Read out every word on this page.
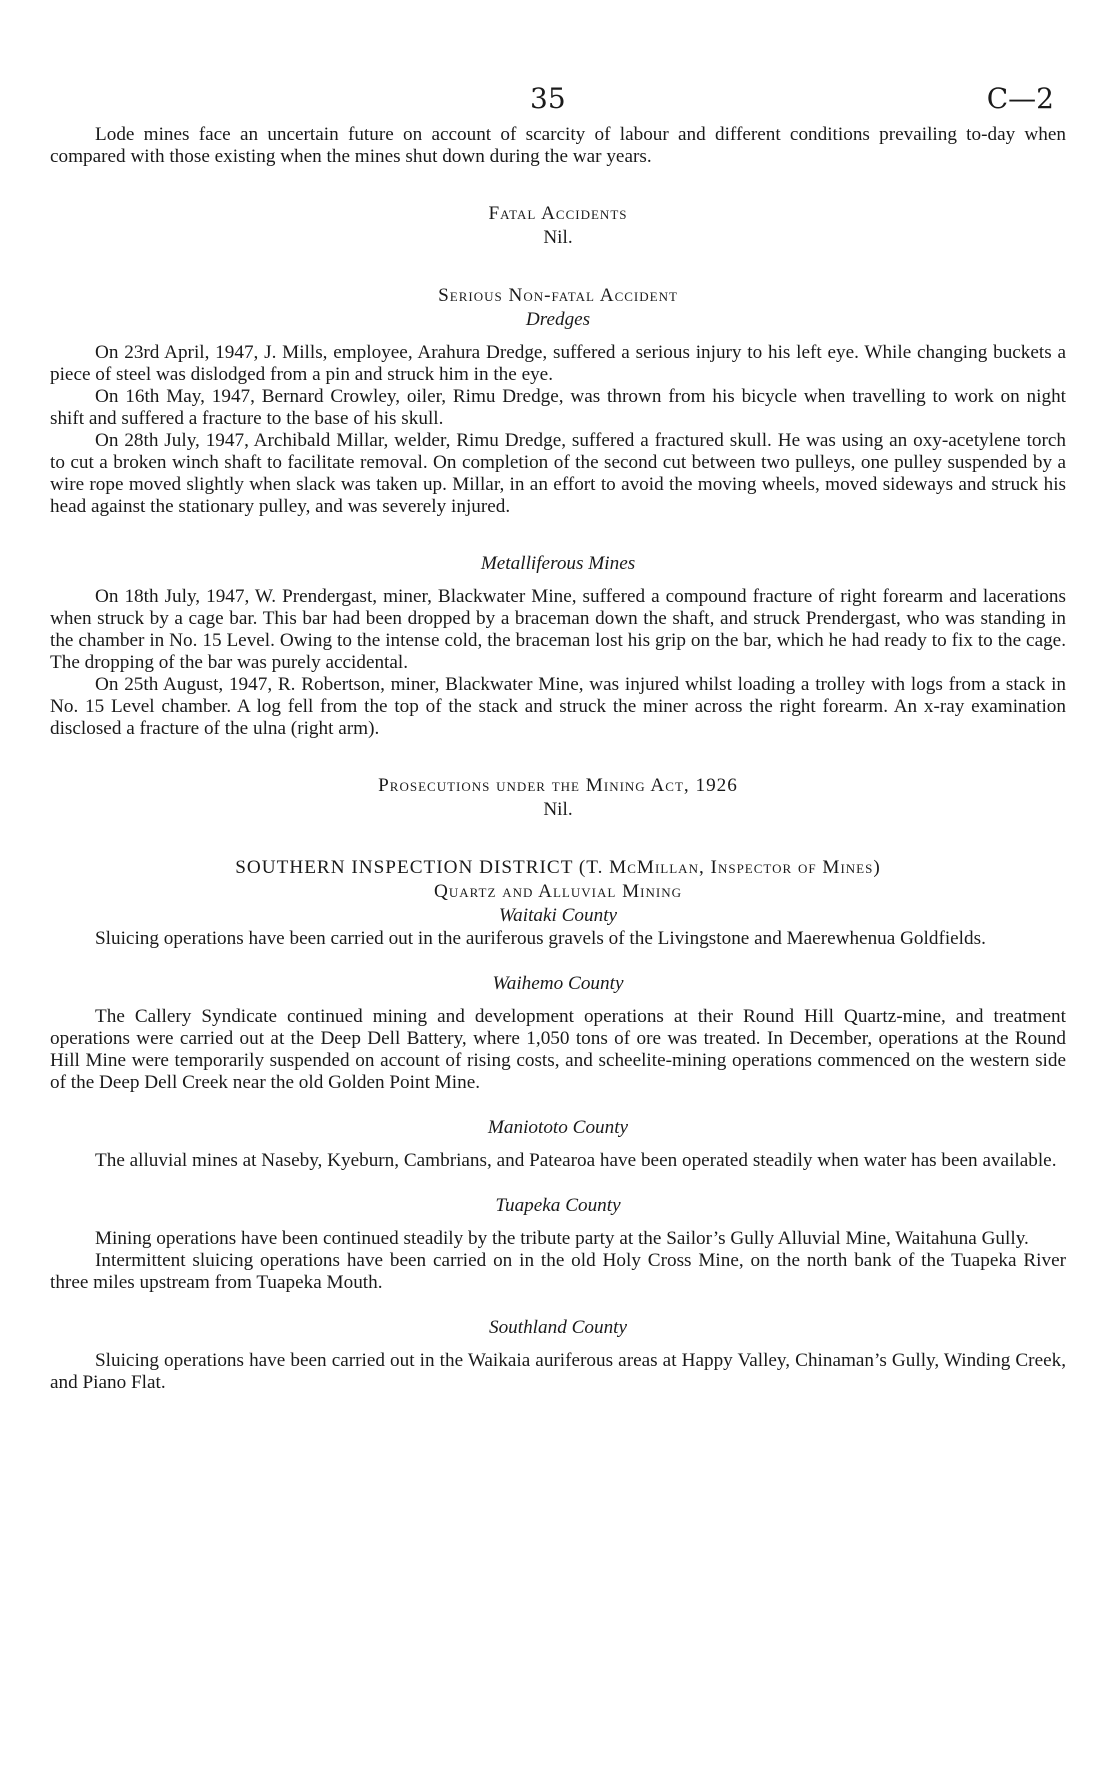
35	C—2

Lode mines face an uncertain future on account of scarcity of labour and different conditions prevailing to-day when compared with those existing when the mines shut down during the war years.

Fatal Accidents
Nil.
Serious Non-fatal Accident
Dredges

On 23rd April, 1947, J. Mills, employee, Arahura Dredge, suffered a serious injury to his left eye. While changing buckets a piece of steel was dislodged from a pin and struck him in the eye.

On 16th May, 1947, Bernard Crowley, oiler, Rimu Dredge, was thrown from his bicycle when travelling to work on night shift and suffered a fracture to the base of his skull.

On 28th July, 1947, Archibald Millar, welder, Rimu Dredge, suffered a fractured skull. He was using an oxy-acetylene torch to cut a broken winch shaft to facilitate removal. On completion of the second cut between two pulleys, one pulley suspended by a wire rope moved slightly when slack was taken up. Millar, in an effort to avoid the moving wheels, moved sideways and struck his head against the stationary pulley, and was severely injured.

Metalliferous Mines

On 18th July, 1947, W. Prendergast, miner, Blackwater Mine, suffered a compound fracture of right forearm and lacerations when struck by a cage bar. This bar had been dropped by a braceman down the shaft, and struck Prendergast, who was standing in the chamber in No. 15 Level. Owing to the intense cold, the braceman lost his grip on the bar, which he had ready to fix to the cage. The dropping of the bar was purely accidental.

On 25th August, 1947, R. Robertson, miner, Blackwater Mine, was injured whilst loading a trolley with logs from a stack in No. 15 Level chamber. A log fell from the top of the stack and struck the miner across the right forearm. An x-ray examination disclosed a fracture of the ulna (right arm).

Prosecutions under the Mining Act, 1926
Nil.
SOUTHERN INSPECTION DISTRICT (T. McMillan, Inspector of Mines)
Quartz and Alluvial Mining
Waitaki County

Sluicing operations have been carried out in the auriferous gravels of the Livingstone and Maerewhenua Goldfields.

Waihemo County

The Callery Syndicate continued mining and development operations at their Round Hill Quartz-mine, and treatment operations were carried out at the Deep Dell Battery, where 1,050 tons of ore was treated. In December, operations at the Round Hill Mine were temporarily suspended on account of rising costs, and scheelite-mining operations commenced on the western side of the Deep Dell Creek near the old Golden Point Mine.

Maniototo County

The alluvial mines at Naseby, Kyeburn, Cambrians, and Patearoa have been operated steadily when water has been available.

Tuapeka County

Mining operations have been continued steadily by the tribute party at the Sailor’s Gully Alluvial Mine, Waitahuna Gully.

Intermittent sluicing operations have been carried on in the old Holy Cross Mine, on the north bank of the Tuapeka River three miles upstream from Tuapeka Mouth.

Southland County

Sluicing operations have been carried out in the Waikaia auriferous areas at Happy Valley, Chinaman’s Gully, Winding Creek, and Piano Flat.
